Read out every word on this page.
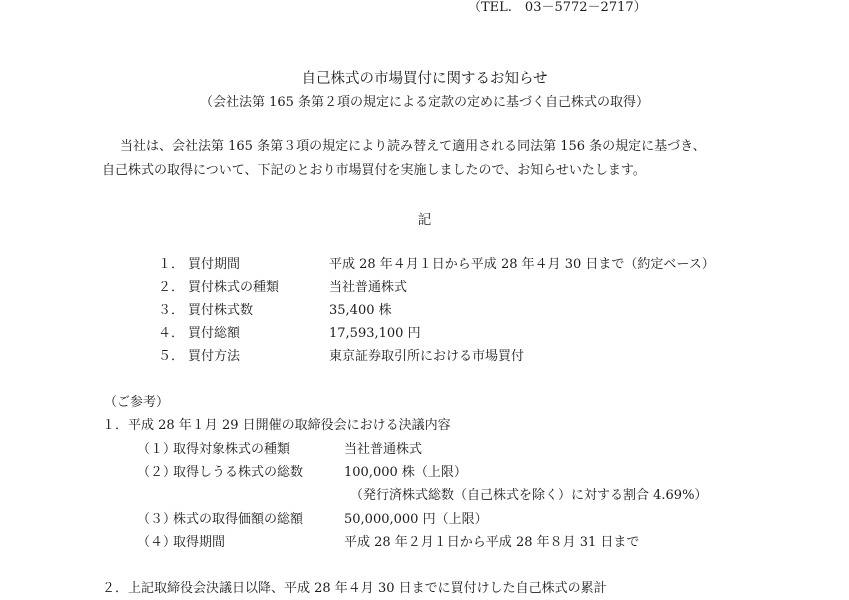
（TEL.　03－5772－2717）
自己株式の市場買付に関するお知らせ
（会社法第 165 条第２項の規定による定款の定めに基づく自己株式の取得）
当社は、会社法第 165 条第３項の規定により読み替えて適用される同法第 156 条の規定に基づき、
自己株式の取得について、下記のとおり市場買付を実施しましたので、お知らせいたします。
記
１． 買付期間	平成 28 年４月１日から平成 28 年４月 30 日まで（約定ベース）
２． 買付株式の種類	当社普通株式
３． 買付株式数	35,400 株
４． 買付総額	17,593,100 円
５． 買付方法	東京証券取引所における市場買付
（ご参考）
１．平成 28 年１月 29 日開催の取締役会における決議内容
（１）
取得対象株式の種類	当社普通株式
（２）
取得しうる株式の総数	100,000 株（上限）
（発行済株式総数（自己株式を除く）に対する割合 4.69%）
（３）
株式の取得価額の総額	50,000,000 円（上限）
（４）
取得期間	平成 28 年２月１日から平成 28 年８月 31 日まで
２．上記取締役会決議日以降、平成 28 年４月 30 日までに買付けした自己株式の累計
